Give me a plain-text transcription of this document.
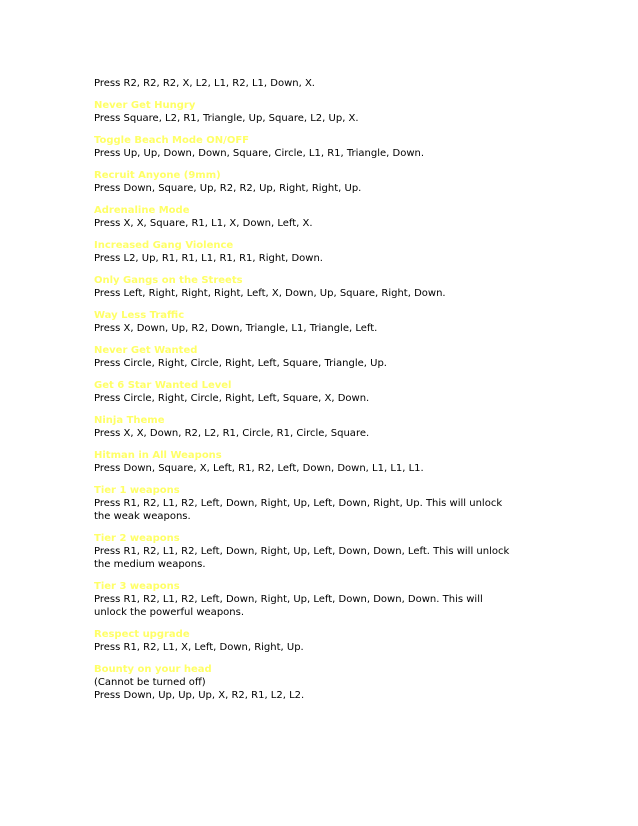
Press R2, R2, R2, X, L2, L1, R2, L1, Down, X.

Never Get Hungry

Press Square, L2, R1, Triangle, Up, Square, L2, Up, X.

Toggle Beach Mode ON/OFF

Press Up, Up, Down, Down, Square, Circle, L1, R1, Triangle, Down.

Recruit Anyone (9mm)

Press Down, Square, Up, R2, R2, Up, Right, Right, Up.

Adrenaline Mode

Press X, X, Square, R1, L1, X, Down, Left, X.

Increased Gang Violence

Press L2, Up, R1, R1, L1, R1, R1, Right, Down.

Only Gangs on the Streets

Press Left, Right, Right, Right, Left, X, Down, Up, Square, Right, Down.

Way Less Traffic

Press X, Down, Up, R2, Down, Triangle, L1, Triangle, Left.

Never Get Wanted

Press Circle, Right, Circle, Right, Left, Square, Triangle, Up.

Get 6 Star Wanted Level

Press Circle, Right, Circle, Right, Left, Square, X, Down.

Ninja Theme

Press X, X, Down, R2, L2, R1, Circle, R1, Circle, Square.

Hitman in All Weapons

Press Down, Square, X, Left, R1, R2, Left, Down, Down, L1, L1, L1.

Tier 1 weapons

Press R1, R2, L1, R2, Left, Down, Right, Up, Left, Down, Right, Up. This will unlock

the weak weapons.

Tier 2 weapons

Press R1, R2, L1, R2, Left, Down, Right, Up, Left, Down, Down, Left. This will unlock

the medium weapons.

Tier 3 weapons

Press R1, R2, L1, R2, Left, Down, Right, Up, Left, Down, Down, Down. This will

unlock the powerful weapons.

Respect upgrade

Press R1, R2, L1, X, Left, Down, Right, Up.

Bounty on your head

(Cannot be turned off)

Press Down, Up, Up, Up, X, R2, R1, L2, L2.
